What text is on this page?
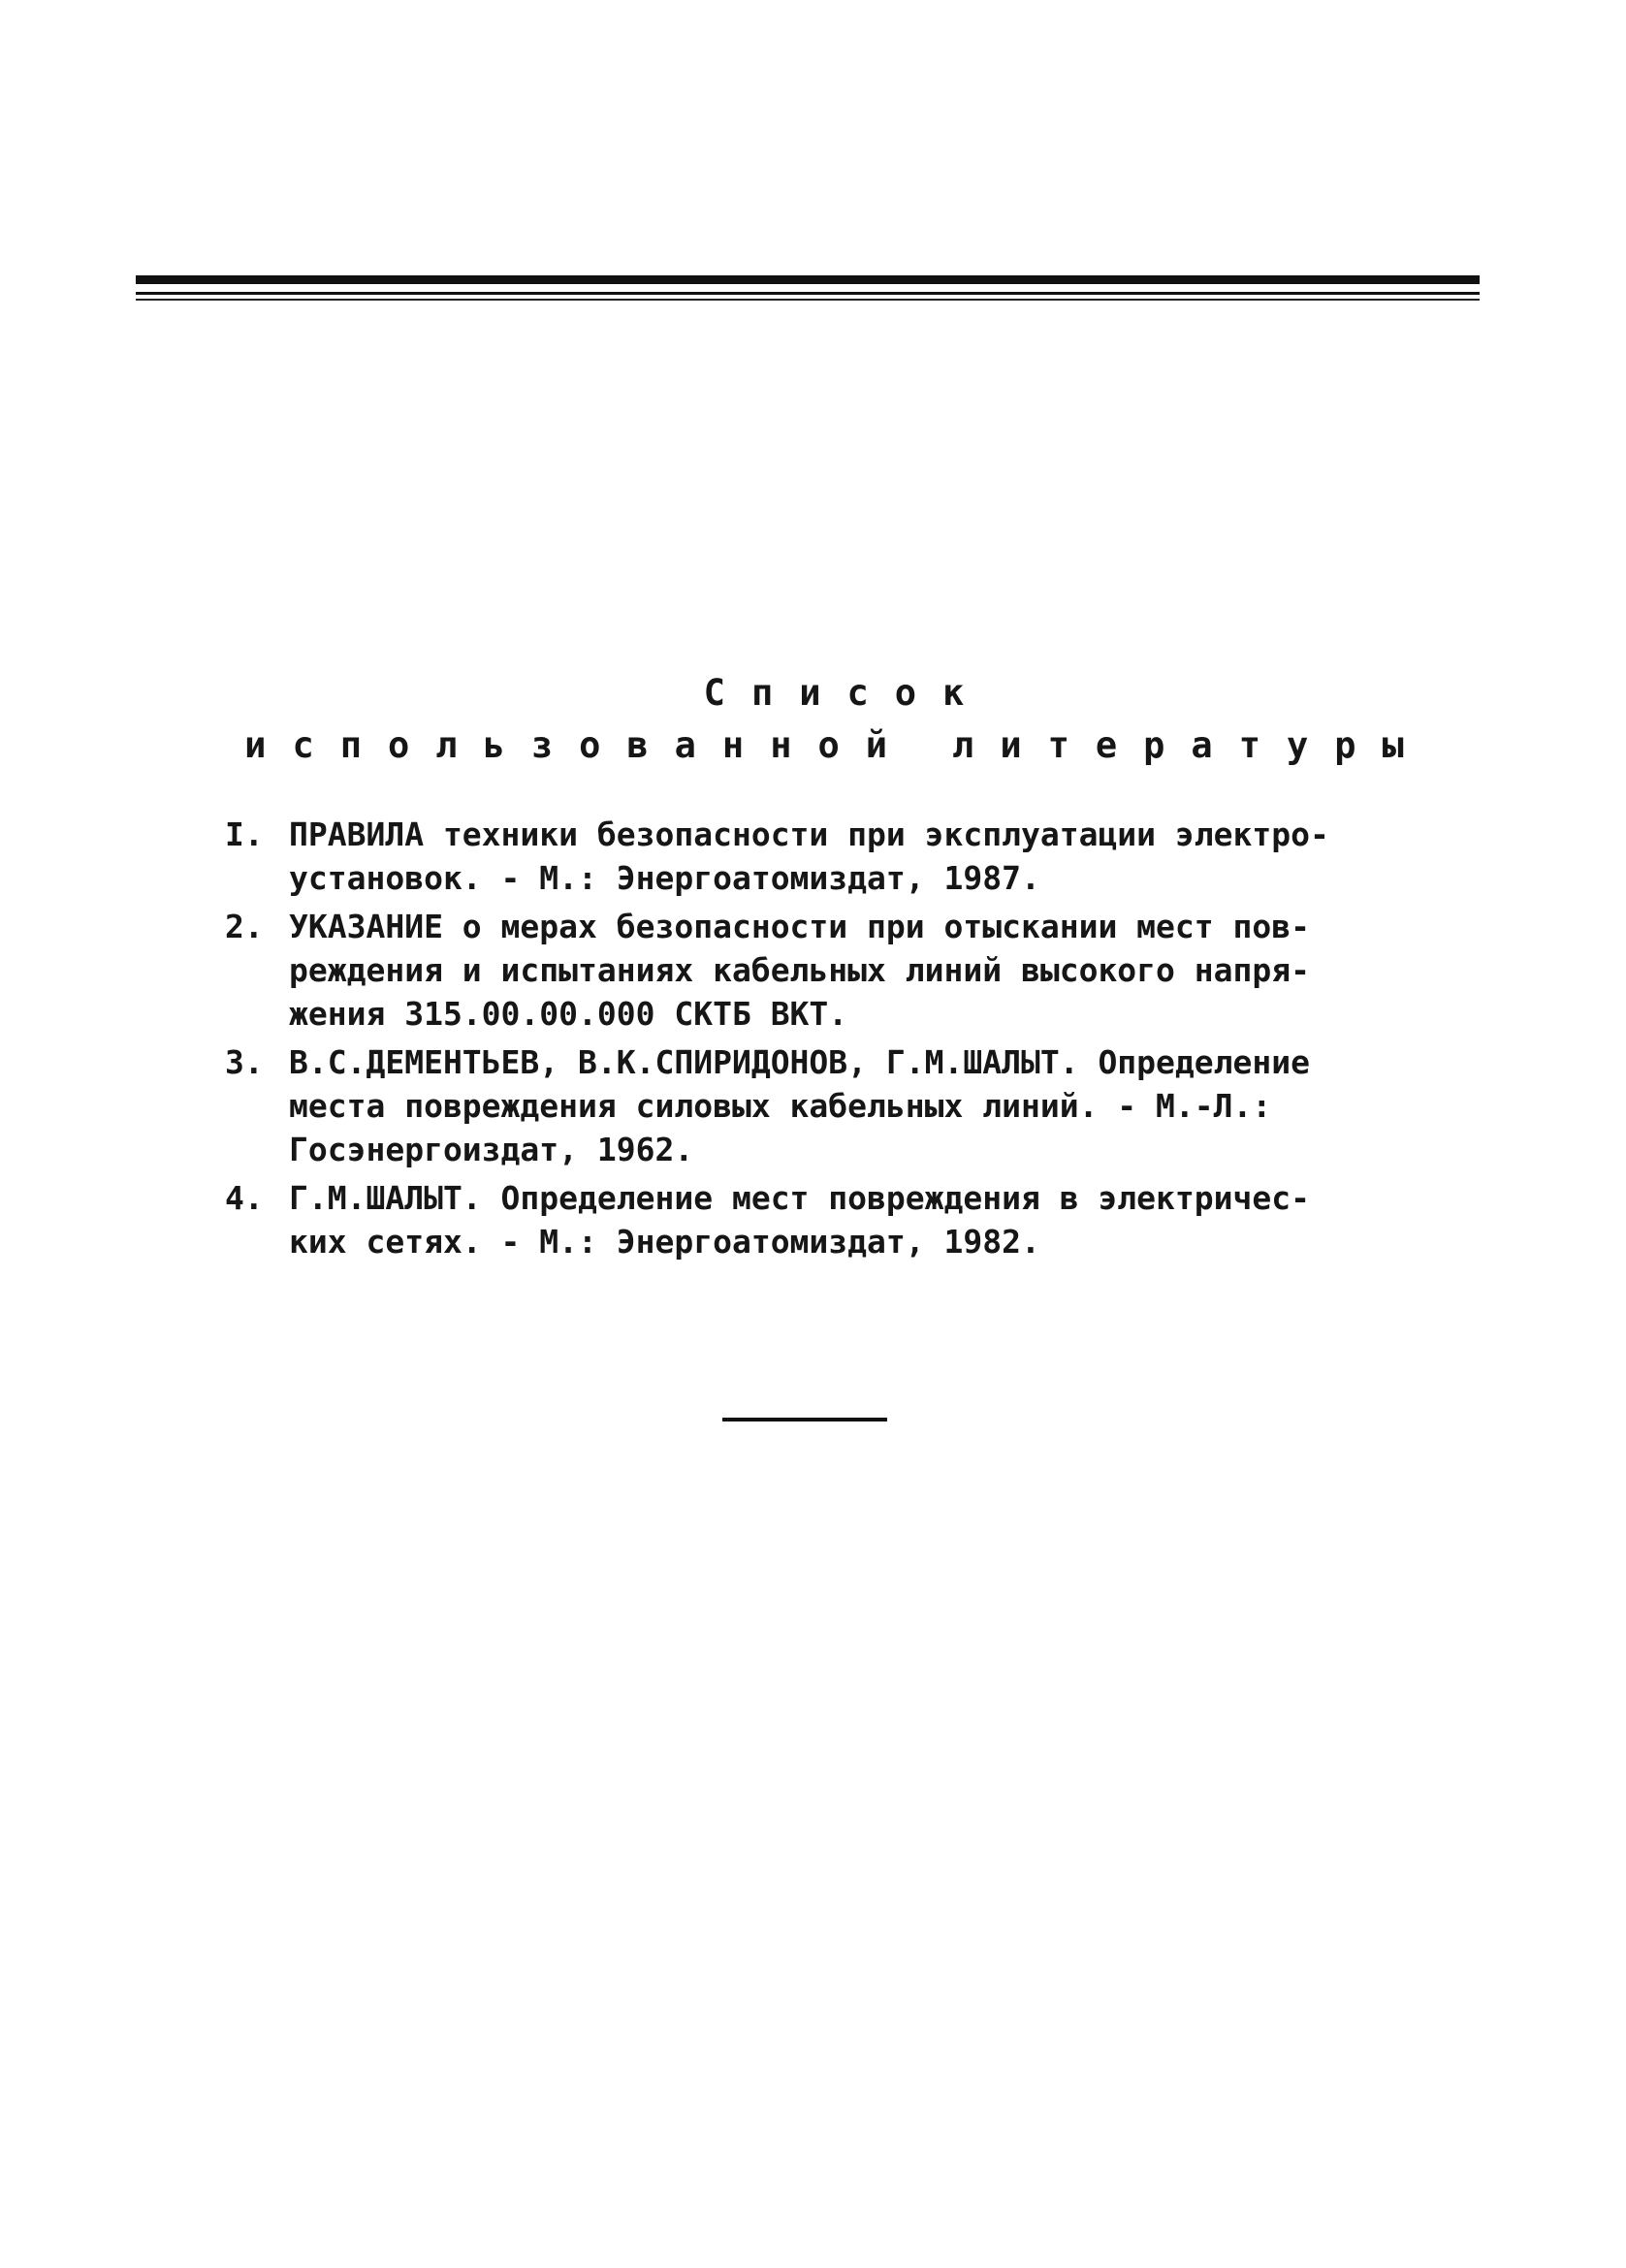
Список
использованной литературы
I. ПРАВИЛА техники безопасности при эксплуатации электро-
установок. - М.: Энергоатомиздат, 1987.
2. УКАЗАНИЕ о мерах безопасности при отыскании мест пов-
реждения и испытаниях кабельных линий высокого напря-
жения 315.00.00.000 СКТБ ВКТ.
3. В.С.ДЕМЕНТЬЕВ, В.К.СПИРИДОНОВ, Г.М.ШАЛЫТ. Определение
места повреждения силовых кабельных линий. - М.-Л.:
Госэнергоиздат, 1962.
4. Г.М.ШАЛЫТ. Определение мест повреждения в электричес-
ких сетях. - М.: Энергоатомиздат, 1982.
